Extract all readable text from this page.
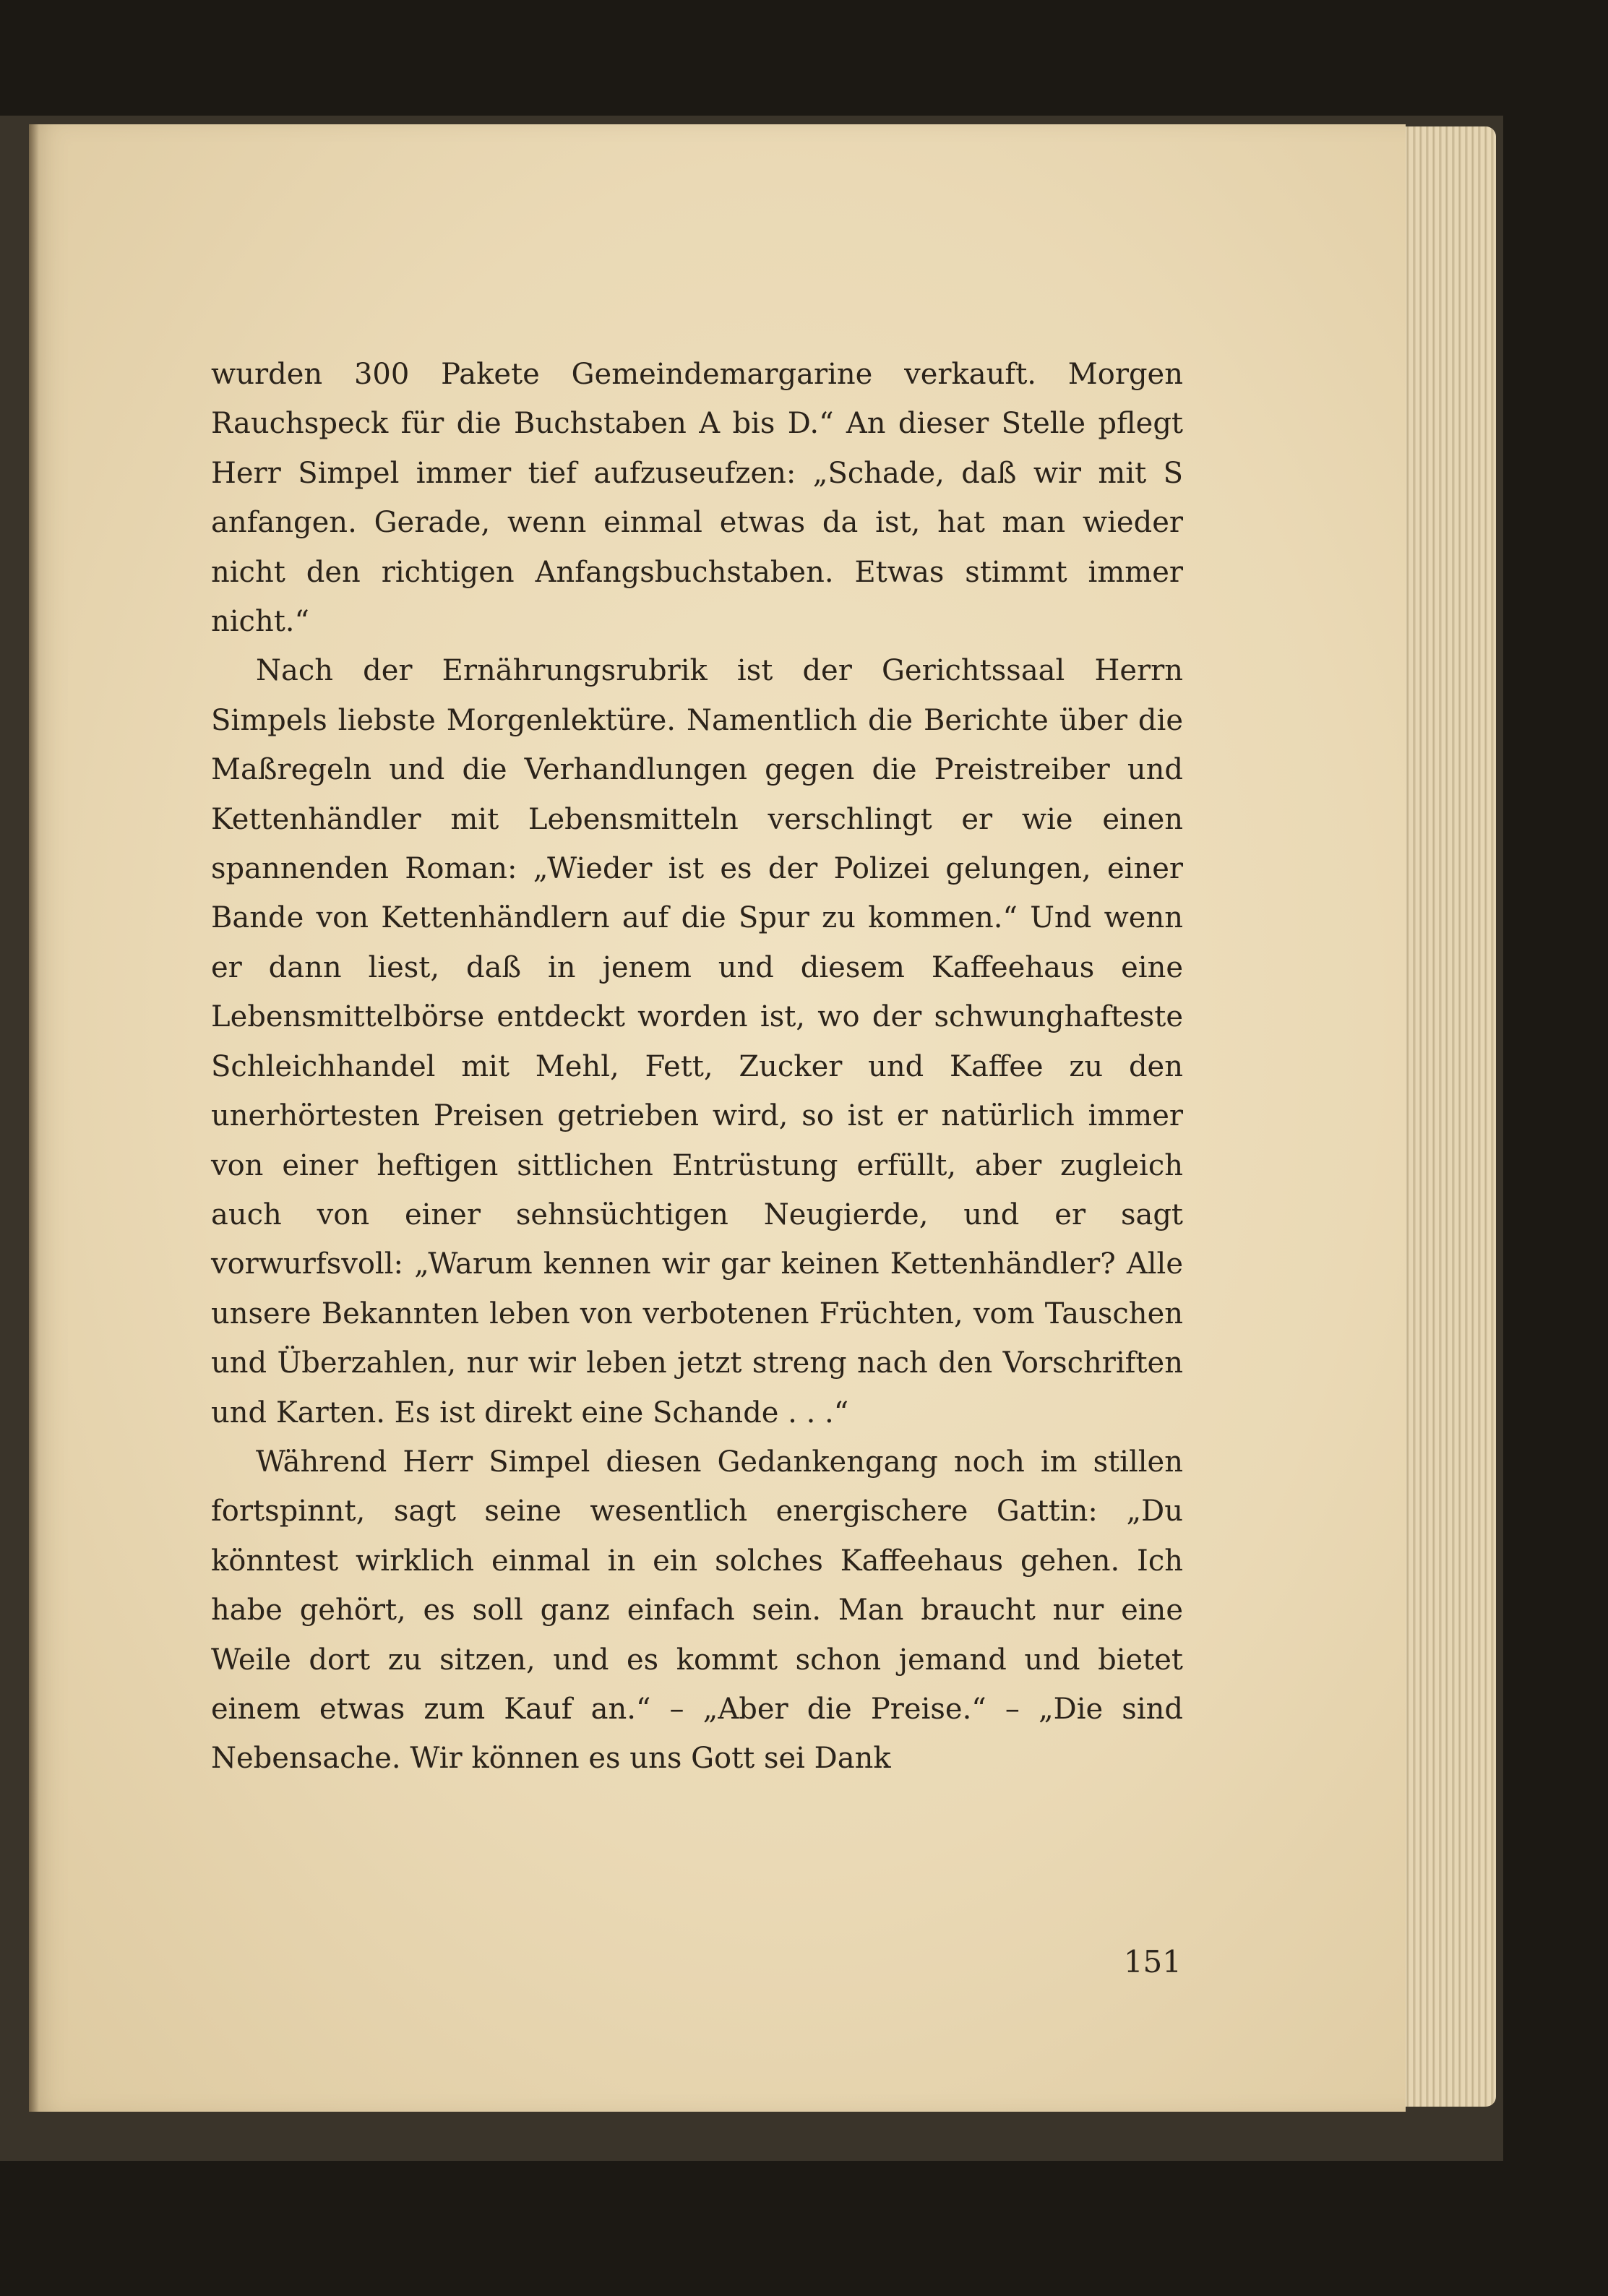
wurden 300 Pakete Gemeindemargarine verkauft. Morgen Rauchspeck für die Buchstaben A bis D.“ An dieser Stelle pflegt Herr Simpel immer tief aufzuseufzen: „Schade, daß wir mit S anfangen. Gerade, wenn einmal etwas da ist, hat man wieder nicht den richtigen Anfangsbuchstaben. Etwas stimmt immer nicht.“

Nach der Ernährungsrubrik ist der Gerichtssaal Herrn Simpels liebste Morgenlektüre. Namentlich die Berichte über die Maßregeln und die Verhandlungen gegen die Preistreiber und Kettenhändler mit Lebensmitteln verschlingt er wie einen spannenden Roman: „Wieder ist es der Polizei gelungen, einer Bande von Kettenhändlern auf die Spur zu kommen.“ Und wenn er dann liest, daß in jenem und diesem Kaffeehaus eine Lebensmittelbörse entdeckt worden ist, wo der schwunghafteste Schleichhandel mit Mehl, Fett, Zucker und Kaffee zu den unerhörtesten Preisen getrieben wird, so ist er natürlich immer von einer heftigen sittlichen Entrüstung erfüllt, aber zugleich auch von einer sehnsüchtigen Neugierde, und er sagt vorwurfsvoll: „Warum kennen wir gar keinen Kettenhändler? Alle unsere Bekannten leben von verbotenen Früchten, vom Tauschen und Überzahlen, nur wir leben jetzt streng nach den Vorschriften und Karten. Es ist direkt eine Schande . . .“

Während Herr Simpel diesen Gedankengang noch im stillen fortspinnt, sagt seine wesentlich energischere Gattin: „Du könntest wirklich einmal in ein solches Kaffeehaus gehen. Ich habe gehört, es soll ganz einfach sein. Man braucht nur eine Weile dort zu sitzen, und es kommt schon jemand und bietet einem etwas zum Kauf an.“ – „Aber die Preise.“ – „Die sind Nebensache. Wir können es uns Gott sei Dank

151
